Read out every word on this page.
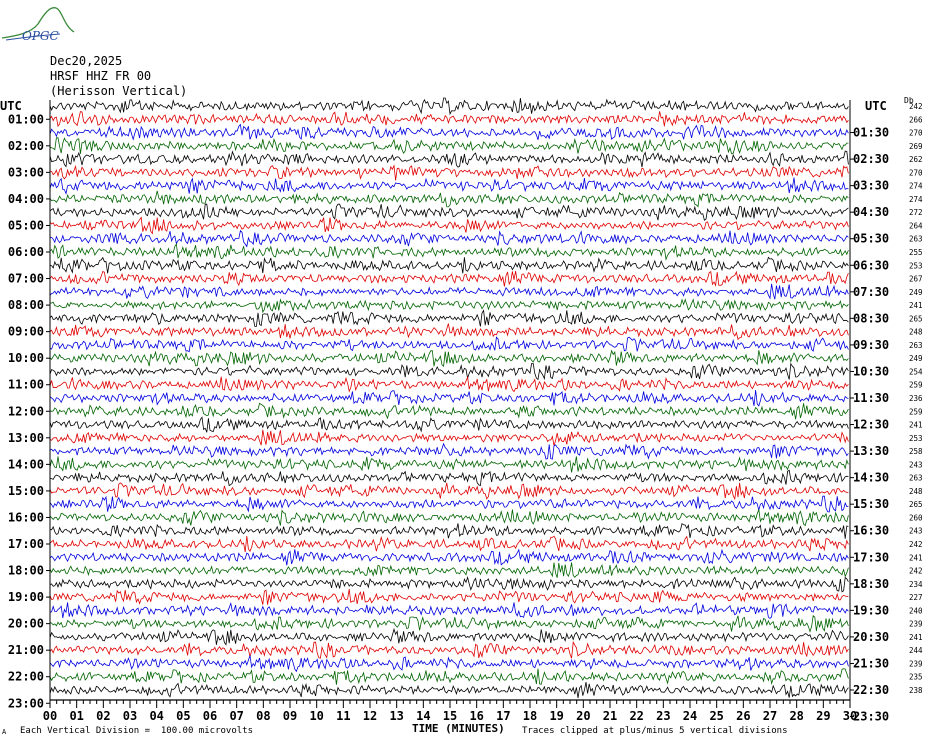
OPGC
Dec20,2025
HRSF HHZ FR 00
(Herisson Vertical)
UTC	UTC Db
01:00
02:00
03:00
04:00
05:00
06:00
07:00
08:00
09:00
10:00
11:00
12:00
13:00
14:00
15:00
16:00
17:00
18:00
19:00
20:00
21:00
22:00
23:00
01:30
02:30
03:30
04:30
05:30
06:30
07:30
08:30
09:30
10:30
11:30
12:30
13:30
14:30
15:30
16:30
17:30
18:30
19:30
20:30
21:30
22:30
23:30
242
266
270
269
262
270
274
274
272
264
263
255
253
267
249
241
265
248
263
249
254
259
236
259
241
253
258
243
263
248
265
260
243
242
241
242
234
227
240
239
241
244
239
235
238
00 01 02 03 04 05 06 07 08 09 10 11 12 13 14 15 16 17 18 19 20 21 22 23 24 25 26 27 28 29 30
TIME (MINUTES)
A Each Vertical Division =  100.00 microvolts	Traces clipped at plus/minus 5 vertical divisions
